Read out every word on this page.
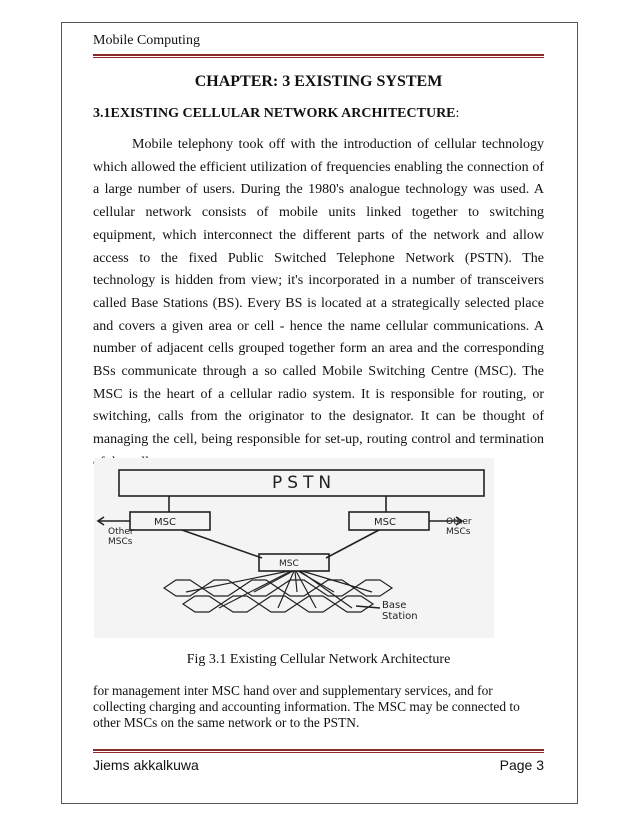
Mobile Computing
CHAPTER: 3 EXISTING SYSTEM
3.1EXISTING CELLULAR NETWORK ARCHITECTURE:

Mobile telephony took off with the introduction of cellular technology which allowed the efficient utilization of frequencies enabling the connection of a large number of users. During the 1980's analogue technology was used. A cellular network consists of mobile units linked together to switching equipment, which interconnect the different parts of the network and allow access to the fixed Public Switched Telephone Network (PSTN). The technology is hidden from view; it's incorporated in a number of transceivers called Base Stations (BS). Every BS is located at a strategically selected place and covers a given area or cell - hence the name cellular communications. A number of adjacent cells grouped together form an area and the corresponding BSs communicate through a so called Mobile Switching Centre (MSC). The MSC is the heart of a cellular radio system. It is responsible for routing, or switching, calls from the originator to the designator. It can be thought of managing the cell, being responsible for set-up, routing control and termination

PSTN
MSC	MSC
MSC
Other
MSCs
Other
MSCs
Base
Station
Fig 3.1 Existing Cellular Network Architecture

for management inter MSC hand over and supplementary services, and for collecting charging and accounting information. The MSC may be connected to other MSCs on the same network or to the PSTN.

Jiems akkalkuwa	Page 3
